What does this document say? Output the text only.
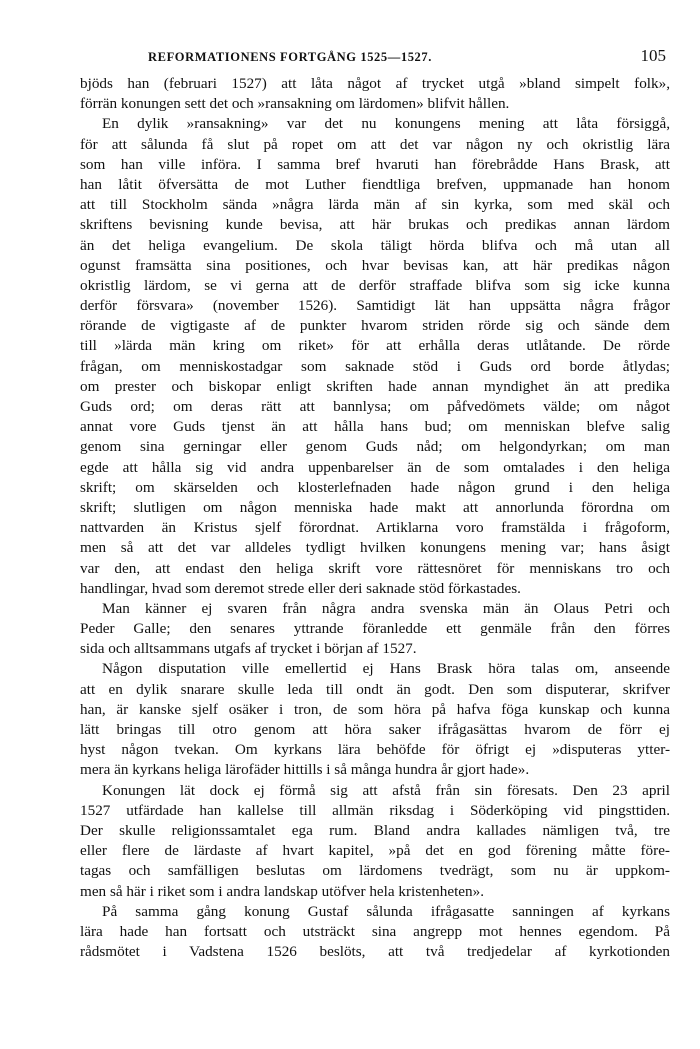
REFORMATIONENS FORTGÅNG 1525—1527.	105
bjöds han (februari 1527) att låta något af trycket utgå »bland simpelt folk»,
förrän konungen sett det och »ransakning om lärdomen» blifvit hållen.
En dylik »ransakning» var det nu konungens mening att låta försiggå,
för att sålunda få slut på ropet om att det var någon ny och okristlig lära
som han ville införa. I samma bref hvaruti han förebrådde Hans Brask, att
han låtit öfversätta de mot Luther fiendtliga brefven, uppmanade han honom
att till Stockholm sända »några lärda män af sin kyrka, som med skäl och
skriftens bevisning kunde bevisa, att här brukas och predikas annan lärdom
än det heliga evangelium. De skola täligt hörda blifva och må utan all
ogunst framsätta sina positiones, och hvar bevisas kan, att här predikas någon
okristlig lärdom, se vi gerna att de derför straffade blifva som sig icke kunna
derför försvara» (november 1526). Samtidigt lät han uppsätta några frågor
rörande de vigtigaste af de punkter hvarom striden rörde sig och sände dem
till »lärda män kring om riket» för att erhålla deras utlåtande. De rörde
frågan, om menniskostadgar som saknade stöd i Guds ord borde åtlydas;
om prester och biskopar enligt skriften hade annan myndighet än att predika
Guds ord; om deras rätt att bannlysa; om påfvedömets välde; om något
annat vore Guds tjenst än att hålla hans bud; om menniskan blefve salig
genom sina gerningar eller genom Guds nåd; om helgondyrkan; om man
egde att hålla sig vid andra uppenbarelser än de som omtalades i den heliga
skrift; om skärselden och klosterlefnaden hade någon grund i den heliga
skrift; slutligen om någon menniska hade makt att annorlunda förordna om
nattvarden än Kristus sjelf förordnat. Artiklarna voro framstälda i frågoform,
men så att det var alldeles tydligt hvilken konungens mening var; hans åsigt
var den, att endast den heliga skrift vore rättesnöret för menniskans tro och
handlingar, hvad som deremot strede eller deri saknade stöd förkastades.
Man känner ej svaren från några andra svenska män än Olaus Petri och
Peder Galle; den senares yttrande föranledde ett genmäle från den förres
sida och alltsammans utgafs af trycket i början af 1527.
Någon disputation ville emellertid ej Hans Brask höra talas om, anseende
att en dylik snarare skulle leda till ondt än godt. Den som disputerar, skrifver
han, är kanske sjelf osäker i tron, de som höra på hafva föga kunskap och kunna
lätt bringas till otro genom att höra saker ifrågasättas hvarom de förr ej
hyst någon tvekan. Om kyrkans lära behöfde för öfrigt ej »disputeras ytter-
mera än kyrkans heliga lärofäder hittills i så många hundra år gjort hade».
Konungen lät dock ej förmå sig att afstå från sin föresats. Den 23 april
1527 utfärdade han kallelse till allmän riksdag i Söderköping vid pingsttiden.
Der skulle religionssamtalet ega rum. Bland andra kallades nämligen två, tre
eller flere de lärdaste af hvart kapitel, »på det en god förening måtte före-
tagas och samfälligen beslutas om lärdomens tvedrägt, som nu är uppkom-
men så här i riket som i andra landskap utöfver hela kristenheten».
På samma gång konung Gustaf sålunda ifrågasatte sanningen af kyrkans
lära hade han fortsatt och utsträckt sina angrepp mot hennes egendom. På
rådsmötet i Vadstena 1526 beslöts, att två tredjedelar af kyrkotionden
